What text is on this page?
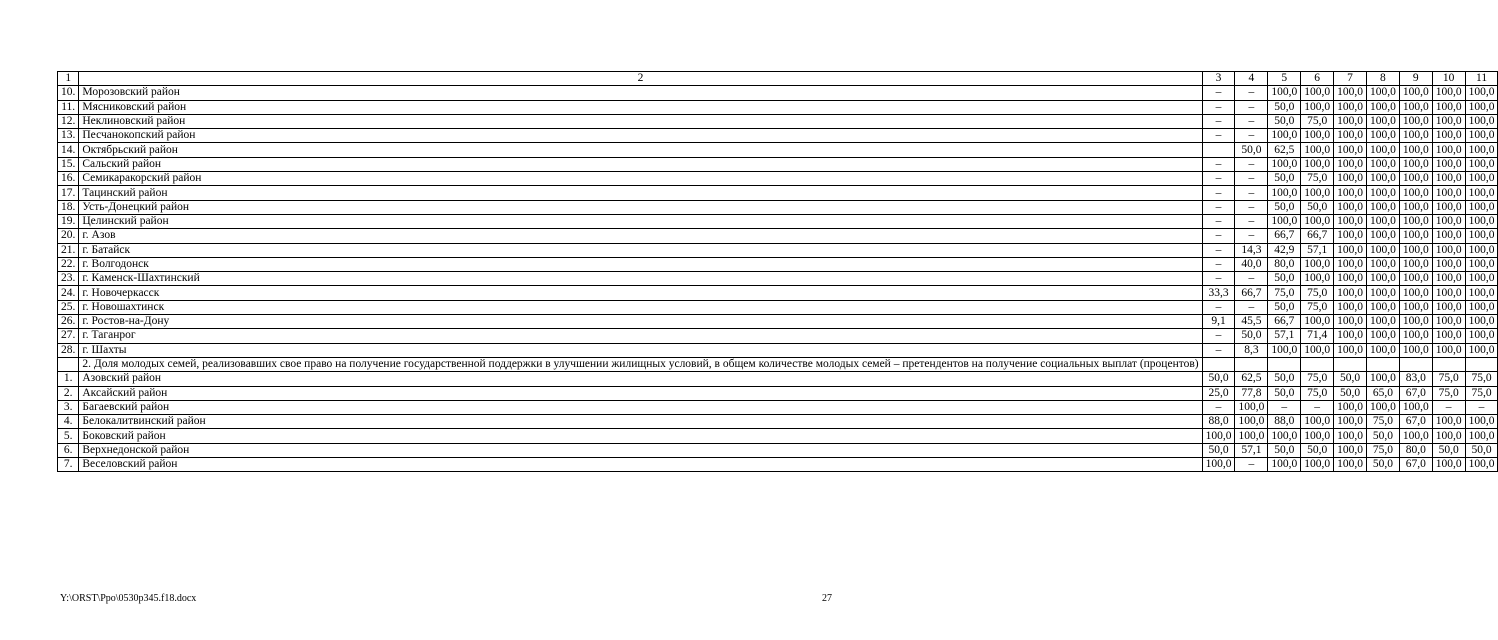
1	2	3	4	5	6	7	8	9	10	11
10.	Морозовский район	–	–	100,0	100,0	100,0	100,0	100,0	100,0	100,0
11.	Мясниковский район	–	–	50,0	100,0	100,0	100,0	100,0	100,0	100,0
12.	Неклиновский район	–	–	50,0	75,0	100,0	100,0	100,0	100,0	100,0
13.	Песчанокопский район	–	–	100,0	100,0	100,0	100,0	100,0	100,0	100,0
14.	Октябрьский район		50,0	62,5	100,0	100,0	100,0	100,0	100,0	100,0
15.	Сальский район	–	–	100,0	100,0	100,0	100,0	100,0	100,0	100,0
16.	Семикаракорский район	–	–	50,0	75,0	100,0	100,0	100,0	100,0	100,0
17.	Тацинский район	–	–	100,0	100,0	100,0	100,0	100,0	100,0	100,0
18.	Усть-Донецкий район	–	–	50,0	50,0	100,0	100,0	100,0	100,0	100,0
19.	Целинский район	–	–	100,0	100,0	100,0	100,0	100,0	100,0	100,0
20.	г. Азов	–	–	66,7	66,7	100,0	100,0	100,0	100,0	100,0
21.	г. Батайск	–	14,3	42,9	57,1	100,0	100,0	100,0	100,0	100,0
22.	г. Волгодонск	–	40,0	80,0	100,0	100,0	100,0	100,0	100,0	100,0
23.	г. Каменск-Шахтинский	–	–	50,0	100,0	100,0	100,0	100,0	100,0	100,0
24.	г. Новочеркасск	33,3	66,7	75,0	75,0	100,0	100,0	100,0	100,0	100,0
25.	г. Новошахтинск	–	–	50,0	75,0	100,0	100,0	100,0	100,0	100,0
26.	г. Ростов-на-Дону	9,1	45,5	66,7	100,0	100,0	100,0	100,0	100,0	100,0
27.	г. Таганрог	–	50,0	57,1	71,4	100,0	100,0	100,0	100,0	100,0
28.	г. Шахты	–	8,3	100,0	100,0	100,0	100,0	100,0	100,0	100,0
	2. Доля молодых семей, реализовавших свое право на получение государственной поддержки в улучшении жилищных условий, в общем количестве молодых семей – претендентов на получение социальных выплат (процентов)									
1.	Азовский район	50,0	62,5	50,0	75,0	50,0	100,0	83,0	75,0	75,0
2.	Аксайский район	25,0	77,8	50,0	75,0	50,0	65,0	67,0	75,0	75,0
3.	Багаевский район	–	100,0	–	–	100,0	100,0	100,0	–	–
4.	Белокалитвинский район	88,0	100,0	88,0	100,0	100,0	75,0	67,0	100,0	100,0
5.	Боковский район	100,0	100,0	100,0	100,0	100,0	50,0	100,0	100,0	100,0
6.	Верхнедонской район	50,0	57,1	50,0	50,0	100,0	75,0	80,0	50,0	50,0
7.	Веселовский район	100,0	–	100,0	100,0	100,0	50,0	67,0	100,0	100,0
Y:\ORST\Ppo\0530p345.f18.docx	27
